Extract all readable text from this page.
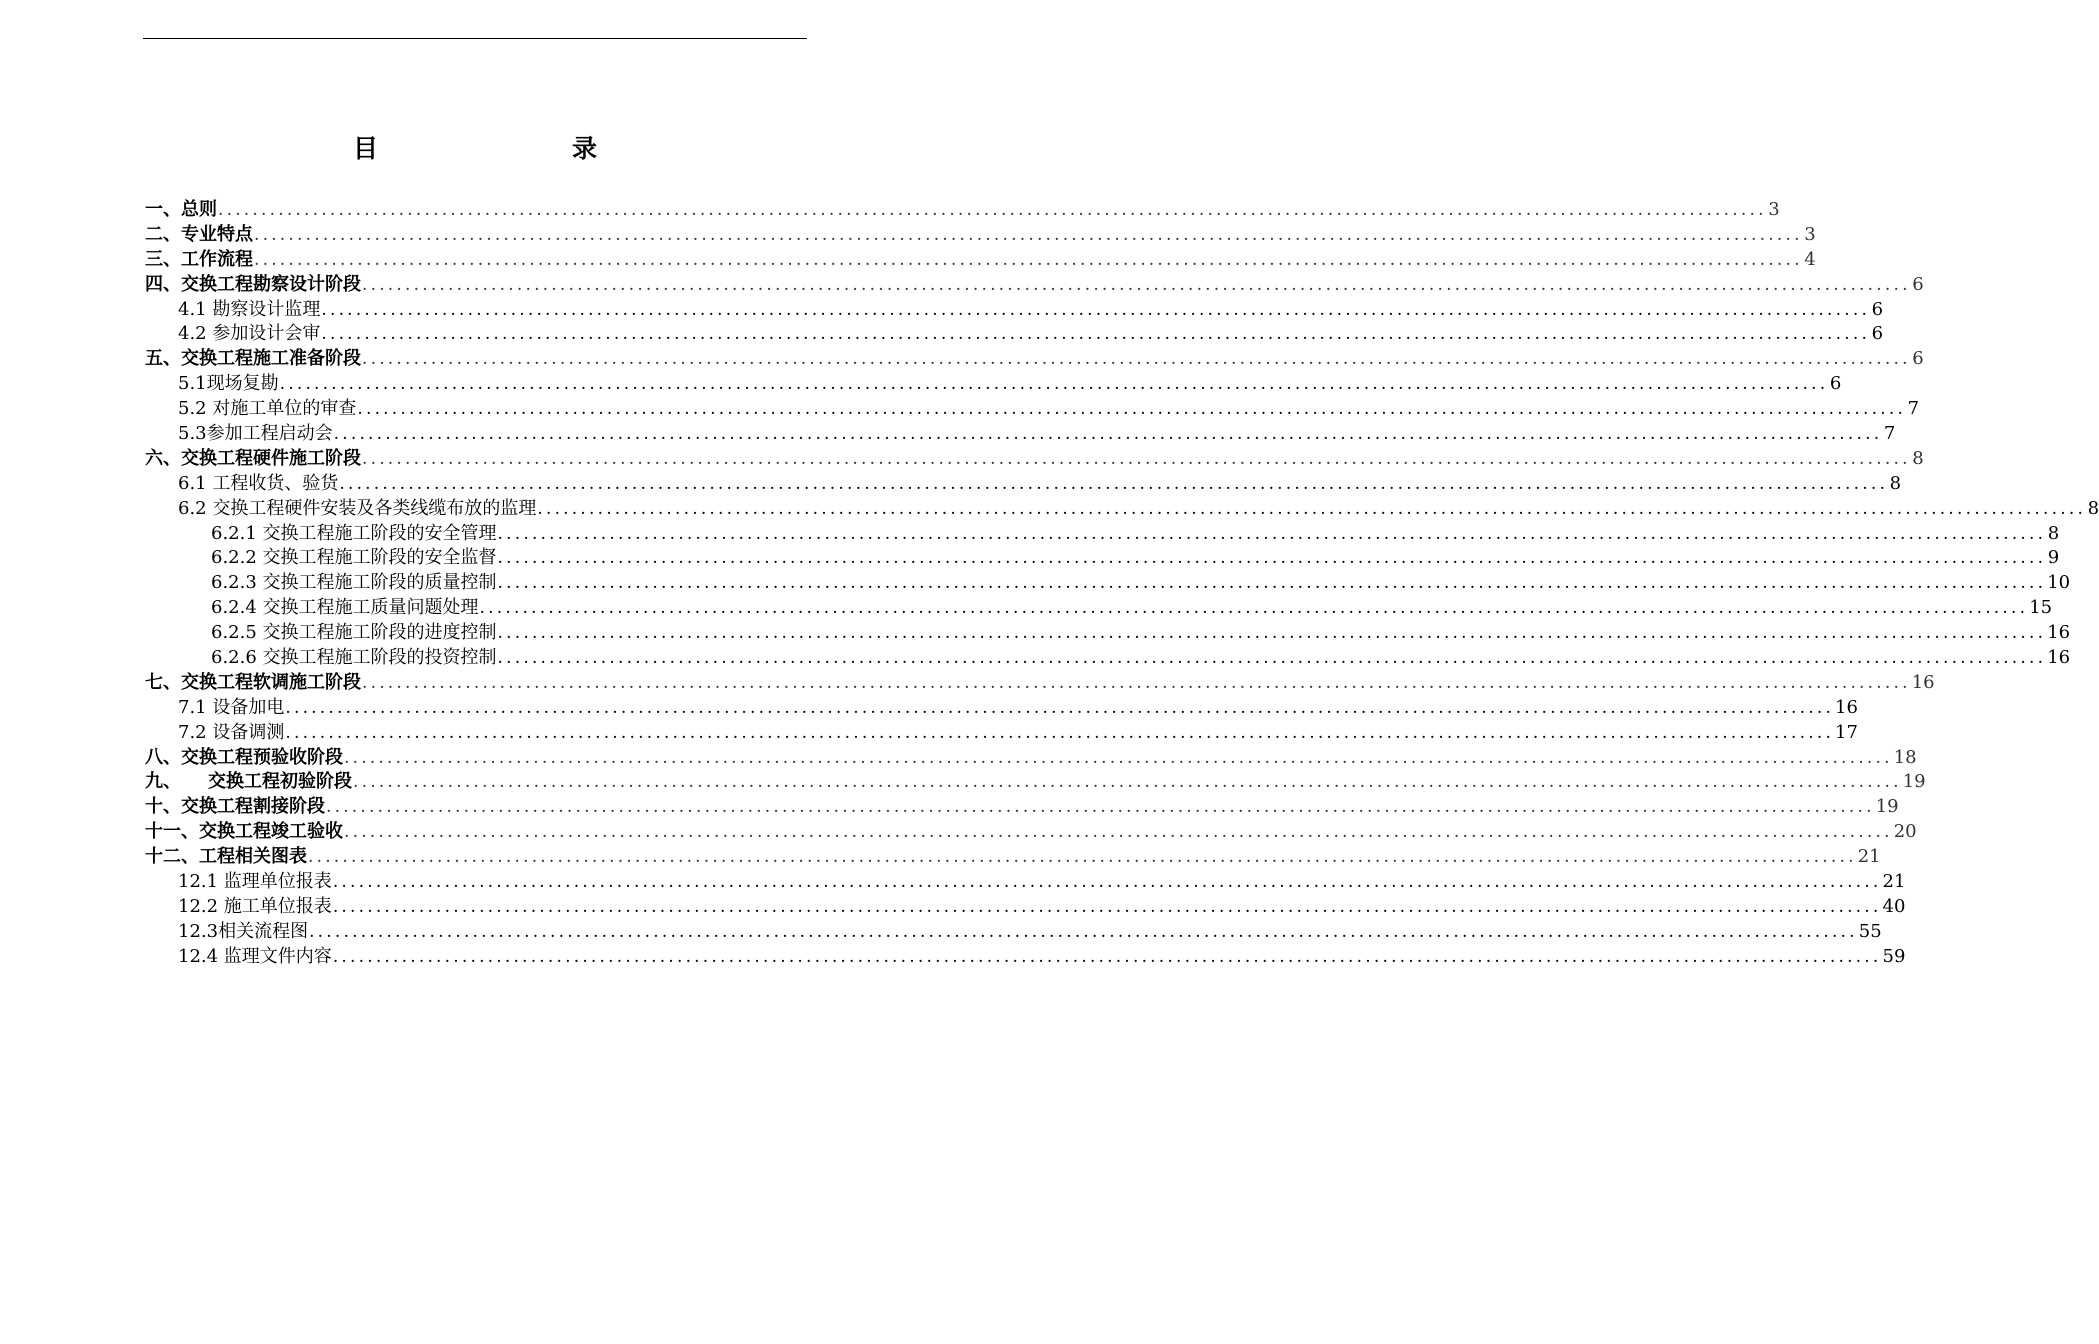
目　　录
一、总则 .................................................................................................................................................................................... 3
二、专业特点 .................................................................................................................................................................................... 3
三、工作流程 .................................................................................................................................................................................... 4
四、交换工程勘察设计阶段 .................................................................................................................................................................................... 6
4.1 勘察设计监理 .................................................................................................................................................................................... 6
4.2 参加设计会审 .................................................................................................................................................................................... 6
五、交换工程施工准备阶段 .................................................................................................................................................................................... 6
5.1现场复勘 .................................................................................................................................................................................... 6
5.2 对施工单位的审查 .................................................................................................................................................................................... 7
5.3参加工程启动会 .................................................................................................................................................................................... 7
六、交换工程硬件施工阶段 .................................................................................................................................................................................... 8
6.1 工程收货、验货 .................................................................................................................................................................................... 8
6.2 交换工程硬件安装及各类线缆布放的监理 .................................................................................................................................................................................... 8
6.2.1 交换工程施工阶段的安全管理 .................................................................................................................................................................................... 8
6.2.2 交换工程施工阶段的安全监督 .................................................................................................................................................................................... 9
6.2.3 交换工程施工阶段的质量控制 .................................................................................................................................................................................... 10
6.2.4 交换工程施工质量问题处理 .................................................................................................................................................................................... 15
6.2.5 交换工程施工阶段的进度控制 .................................................................................................................................................................................... 16
6.2.6 交换工程施工阶段的投资控制 .................................................................................................................................................................................... 16
七、交换工程软调施工阶段 .................................................................................................................................................................................... 16
7.1 设备加电 .................................................................................................................................................................................... 16
7.2 设备调测 .................................................................................................................................................................................... 17
八、交换工程预验收阶段 .................................................................................................................................................................................... 18
九、　　交换工程初验阶段 .................................................................................................................................................................................... 19
十、交换工程割接阶段 .................................................................................................................................................................................... 19
十一、交换工程竣工验收 .................................................................................................................................................................................... 20
十二、工程相关图表 .................................................................................................................................................................................... 21
12.1 监理单位报表 .................................................................................................................................................................................... 21
12.2 施工单位报表 .................................................................................................................................................................................... 40
12.3相关流程图 .................................................................................................................................................................................... 55
12.4 监理文件内容 .................................................................................................................................................................................... 59
